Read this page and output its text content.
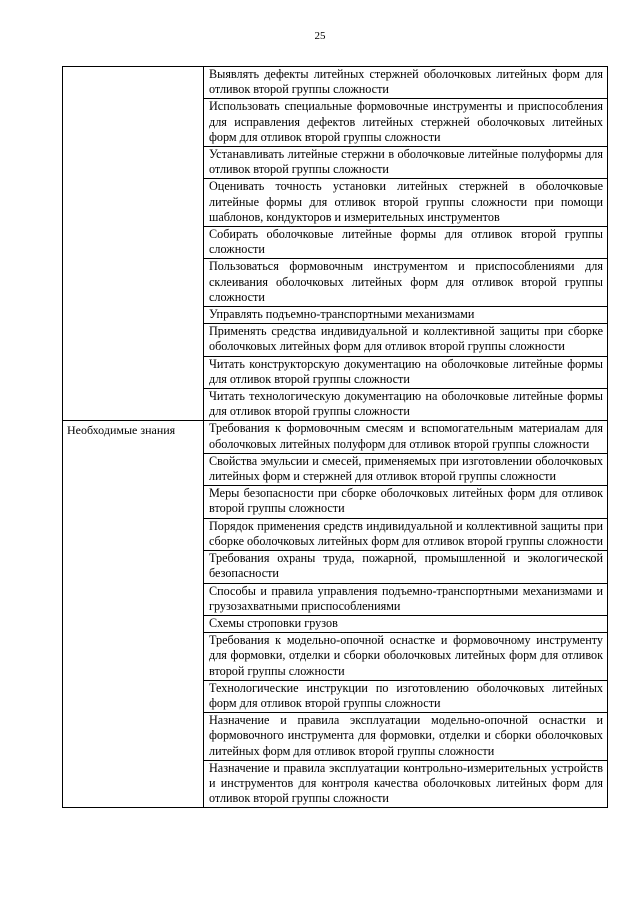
25
Выявлять дефекты литейных стержней оболочковых литейных форм для отливок второй группы сложности
Использовать специальные формовочные инструменты и приспособления для исправления дефектов литейных стержней оболочковых литейных форм для отливок второй группы сложности
Устанавливать литейные стержни в оболочковые литейные полуформы для отливок второй группы сложности
Оценивать точность установки литейных стержней в оболочковые литейные формы для отливок второй группы сложности при помощи шаблонов, кондукторов и измерительных инструментов
Собирать оболочковые литейные формы для отливок второй группы сложности
Пользоваться формовочным инструментом и приспособлениями для склеивания оболочковых литейных форм для отливок второй группы сложности
Управлять подъемно-транспортными механизмами
Применять средства индивидуальной и коллективной защиты при сборке оболочковых литейных форм для отливок второй группы сложности
Читать конструкторскую документацию на оболочковые литейные формы для отливок второй группы сложности
Читать технологическую документацию на оболочковые литейные формы для отливок второй группы сложности
Необходимые знания	Требования к формовочным смесям и вспомогательным материалам для оболочковых литейных полуформ для отливок второй группы сложности
Свойства эмульсии и смесей, применяемых при изготовлении оболочковых литейных форм и стержней для отливок второй группы сложности
Меры безопасности при сборке оболочковых литейных форм для отливок второй группы сложности
Порядок применения средств индивидуальной и коллективной защиты при сборке оболочковых литейных форм для отливок второй группы сложности
Требования охраны труда, пожарной, промышленной и экологической безопасности
Способы и правила управления подъемно-транспортными механизмами и грузозахватными приспособлениями
Схемы строповки грузов
Требования к модельно-опочной оснастке и формовочному инструменту для формовки, отделки и сборки оболочковых литейных форм для отливок второй группы сложности
Технологические инструкции по изготовлению оболочковых литейных форм для отливок второй группы сложности
Назначение и правила эксплуатации модельно-опочной оснастки и формовочного инструмента для формовки, отделки и сборки оболочковых литейных форм для отливок второй группы сложности
Назначение и правила эксплуатации контрольно-измерительных устройств и инструментов для контроля качества оболочковых литейных форм для отливок второй группы сложности
